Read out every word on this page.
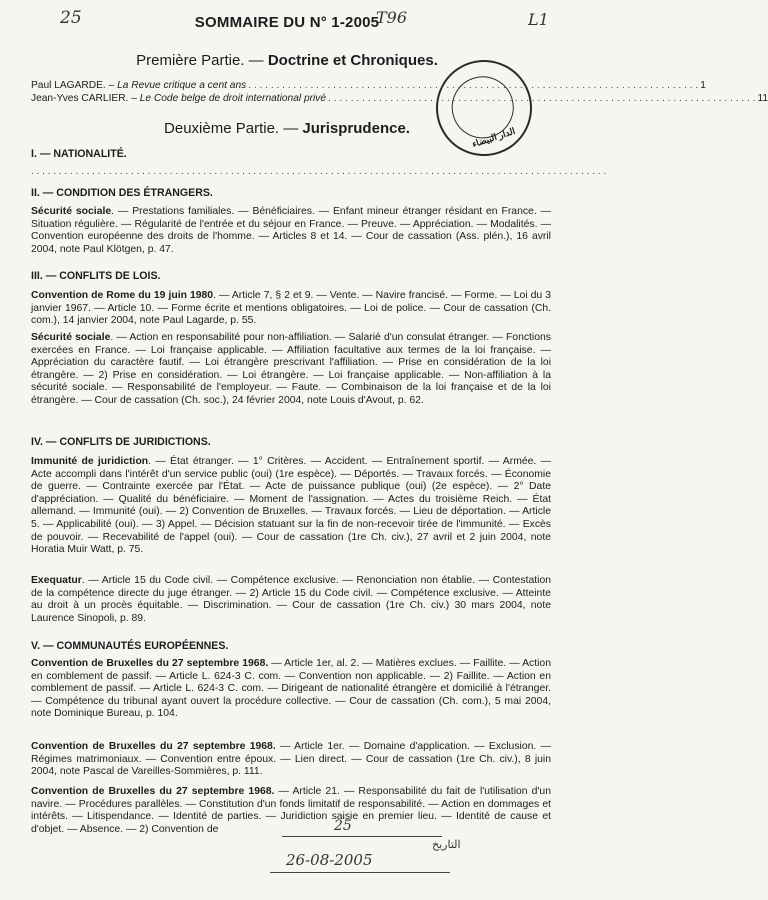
25	T96	L1
SOMMAIRE DU N° 1-2005
Première Partie. — Doctrine et Chroniques.
الدار البيضاء
Paul LAGARDE. – La Revue critique a cent ans . . . . . . . . . . . . . . . . . . . . . . . . . . . . . . . . . . . . . . . . . . . . . . . . . . . . . . . . . . . . . . . . . . . . . . . . . . . . . . . . 1
Jean-Yves CARLIER. – Le Code belge de droit international privé . . . . . . . . . . . . . . . . . . . . . . . . . . . . . . . . . . . . . . . . . . . . . . . . . . . . . . . . . . . . . . . . . . . . . . . . . . . . 11
Deuxième Partie. — Jurisprudence.
I. — NATIONALITÉ.
. . . . . . . . . . . . . . . . . . . . . . . . . . . . . . . . . . . . . . . . . . . . . . . . . . . . . . . . . . . . . . . . . . . . . . . . . . . . . . . . . . . . . . . . . . . . . . . . . . . . . . . .
II. — CONDITION DES ÉTRANGERS.
Sécurité sociale. — Prestations familiales. — Bénéficiaires. — Enfant mineur étranger résidant en France. — Situation régulière. — Régularité de l'entrée et du séjour en France. — Preuve. — Appréciation. — Modalités. — Convention européenne des droits de l'homme. — Articles 8 et 14. — Cour de cassation (Ass. plén.), 16 avril 2004, note Paul Klötgen, p. 47.
III. — CONFLITS DE LOIS.
Convention de Rome du 19 juin 1980. — Article 7, § 2 et 9. — Vente. — Navire francisé. — Forme. — Loi du 3 janvier 1967. — Article 10. — Forme écrite et mentions obligatoires. — Loi de police. — Cour de cassation (Ch. com.), 14 janvier 2004, note Paul Lagarde, p. 55.
Sécurité sociale. — Action en responsabilité pour non-affiliation. — Salarié d'un consulat étranger. — Fonctions exercées en France. — Loi française applicable. — Affiliation facultative aux termes de la loi française. — Appréciation du caractère fautif. — Loi étrangère prescrivant l'affiliation. — Prise en considération de la loi étrangère. — 2) Prise en considération. — Loi étrangère. — Loi française applicable. — Non-affiliation à la sécurité sociale. — Responsabilité de l'employeur. — Faute. — Combinaison de la loi française et de la loi étrangère. — Cour de cassation (Ch. soc.), 24 février 2004, note Louis d'Avout, p. 62.
IV. — CONFLITS DE JURIDICTIONS.
Immunité de juridiction. — État étranger. — 1° Critères. — Accident. — Entraînement sportif. — Armée. — Acte accompli dans l'intérêt d'un service public (oui) (1re espèce). — Déportés. — Travaux forcés. — Économie de guerre. — Contrainte exercée par l'État. — Acte de puissance publique (oui) (2e espèce). — 2° Date d'appréciation. — Qualité du bénéficiaire. — Moment de l'assignation. — Actes du troisième Reich. — État allemand. — Immunité (oui). — 2) Convention de Bruxelles. — Travaux forcés. — Lieu de déportation. — Article 5. — Applicabilité (oui). — 3) Appel. — Décision statuant sur la fin de non-recevoir tirée de l'immunité. — Excès de pouvoir. — Recevabilité de l'appel (oui). — Cour de cassation (1re Ch. civ.), 27 avril et 2 juin 2004, note Horatia Muir Watt, p. 75.
Exequatur. — Article 15 du Code civil. — Compétence exclusive. — Renonciation non établie. — Contestation de la compétence directe du juge étranger. — 2) Article 15 du Code civil. — Compétence exclusive. — Atteinte au droit à un procès équitable. — Discrimination. — Cour de cassation (1re Ch. civ.) 30 mars 2004, note Laurence Sinopoli, p. 89.
V. — COMMUNAUTÉS EUROPÉENNES.
Convention de Bruxelles du 27 septembre 1968. — Article 1er, al. 2. — Matières exclues. — Faillite. — Action en comblement de passif. — Article L. 624-3 C. com. — Convention non applicable. — 2) Faillite. — Action en comblement de passif. — Article L. 624-3 C. com. — Dirigeant de nationalité étrangère et domicilié à l'étranger. — Compétence du tribunal ayant ouvert la procédure collective. — Cour de cassation (Ch. com.), 5 mai 2004, note Dominique Bureau, p. 104.
Convention de Bruxelles du 27 septembre 1968. — Article 1er. — Domaine d'application. — Exclusion. — Régimes matrimoniaux. — Convention entre époux. — Lien direct. — Cour de cassation (1re Ch. civ.), 8 juin 2004, note Pascal de Vareilles-Sommières, p. 111.
Convention de Bruxelles du 27 septembre 1968. — Article 21. — Responsabilité du fait de l'utilisation d'un navire. — Procédures parallèles. — Constitution d'un fonds limitatif de responsabilité. — Action en dommages et intérêts. — Litispendance. — Identité de parties. — Juridiction saisie en premier lieu. — Identité de cause et d'objet. — Absence. — 2) Convention de	25
التاريخ
26-08-2005
